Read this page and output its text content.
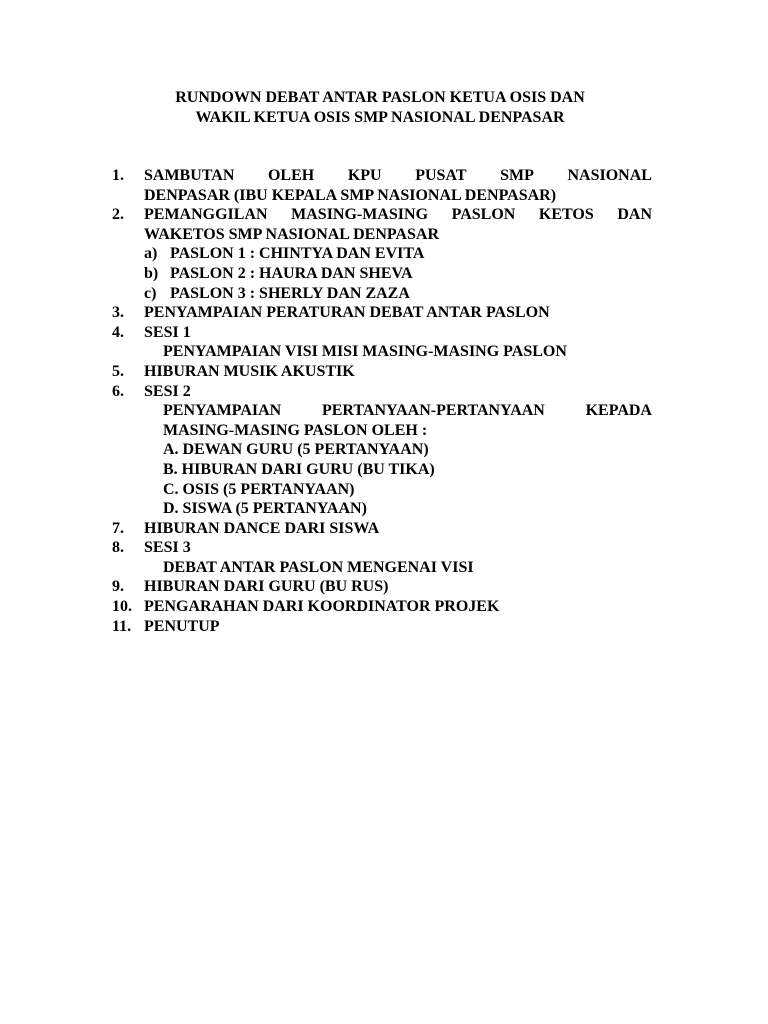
RUNDOWN DEBAT ANTAR PASLON KETUA OSIS DAN
WAKIL KETUA OSIS SMP NASIONAL DENPASAR
1. SAMBUTAN OLEH KPU PUSAT SMP NASIONAL
DENPASAR (IBU KEPALA SMP NASIONAL DENPASAR)
2. PEMANGGILAN MASING-MASING PASLON KETOS DAN
WAKETOS SMP NASIONAL DENPASAR
a) PASLON 1 : CHINTYA DAN EVITA
b) PASLON 2 : HAURA DAN SHEVA
c) PASLON 3 : SHERLY DAN ZAZA
3. PENYAMPAIAN PERATURAN DEBAT ANTAR PASLON
4. SESI 1
PENYAMPAIAN VISI MISI MASING-MASING PASLON
5. HIBURAN MUSIK AKUSTIK
6. SESI 2
PENYAMPAIAN	PERTANYAAN-PERTANYAAN	KEPADA
MASING-MASING PASLON OLEH :
A. DEWAN GURU (5 PERTANYAAN)
B. HIBURAN DARI GURU (BU TIKA)
C. OSIS (5 PERTANYAAN)
D. SISWA (5 PERTANYAAN)
7. HIBURAN DANCE DARI SISWA
8. SESI 3
DEBAT ANTAR PASLON MENGENAI VISI
9. HIBURAN DARI GURU (BU RUS)
10. PENGARAHAN DARI KOORDINATOR PROJEK
11. PENUTUP
